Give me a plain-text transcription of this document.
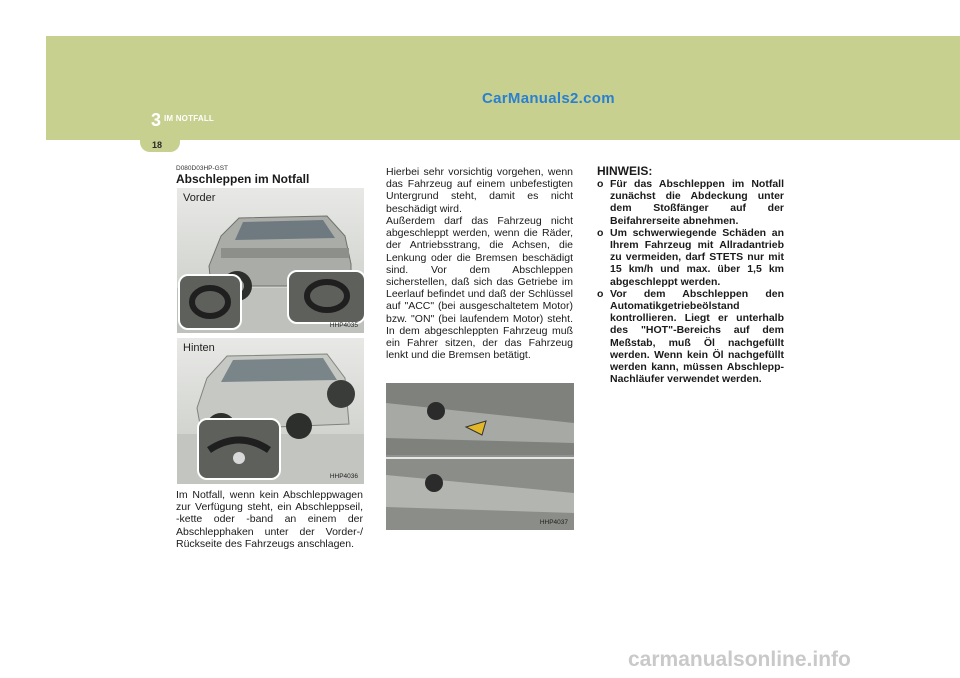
CarManuals2.com
3 IM NOTFALL
18
D080D03HP-GST
Abschleppen im Notfall
Vorder
HHP4035
Hinten
HHP4036
Im Notfall, wenn kein Abschleppwagen zur Verfügung steht, ein Abschleppseil, -kette oder -band an einem der Abschlepphaken unter der Vorder-/ Rückseite des Fahrzeugs anschlagen.
Hierbei sehr vorsichtig vorgehen, wenn das Fahrzeug auf einem unbefestigten Untergrund steht, damit es nicht beschädigt wird.
Außerdem darf das Fahrzeug nicht abgeschleppt werden, wenn die Räder, der Antriebsstrang, die Achsen, die Lenkung oder die Bremsen beschädigt sind. Vor dem Abschleppen sicherstellen, daß sich das Getriebe im Leerlauf befindet und daß der Schlüssel auf "ACC" (bei ausgeschaltetem Motor) bzw. "ON" (bei laufendem Motor) steht. In dem abgeschleppten Fahrzeug muß ein Fahrer sitzen, der das Fahrzeug lenkt und die Bremsen betätigt.
HHP4037
HINWEIS:
o Für das Abschleppen im Notfall zunächst die Abdeckung unter dem Stoßfänger auf der Beifahrerseite abnehmen.
o Um schwerwiegende Schäden an Ihrem Fahrzeug mit Allradantrieb zu vermeiden, darf STETS nur mit 15 km/h und max. über 1,5 km abgeschleppt werden.
o Vor dem Abschleppen den Automatikgetriebeölstand kontrollieren. Liegt er unterhalb des "HOT"-Bereichs auf dem Meßstab, muß Öl nachgefüllt werden. Wenn kein Öl nachgefüllt werden kann, müssen Abschlepp-Nachläufer verwendet werden.
carmanualsonline.info
